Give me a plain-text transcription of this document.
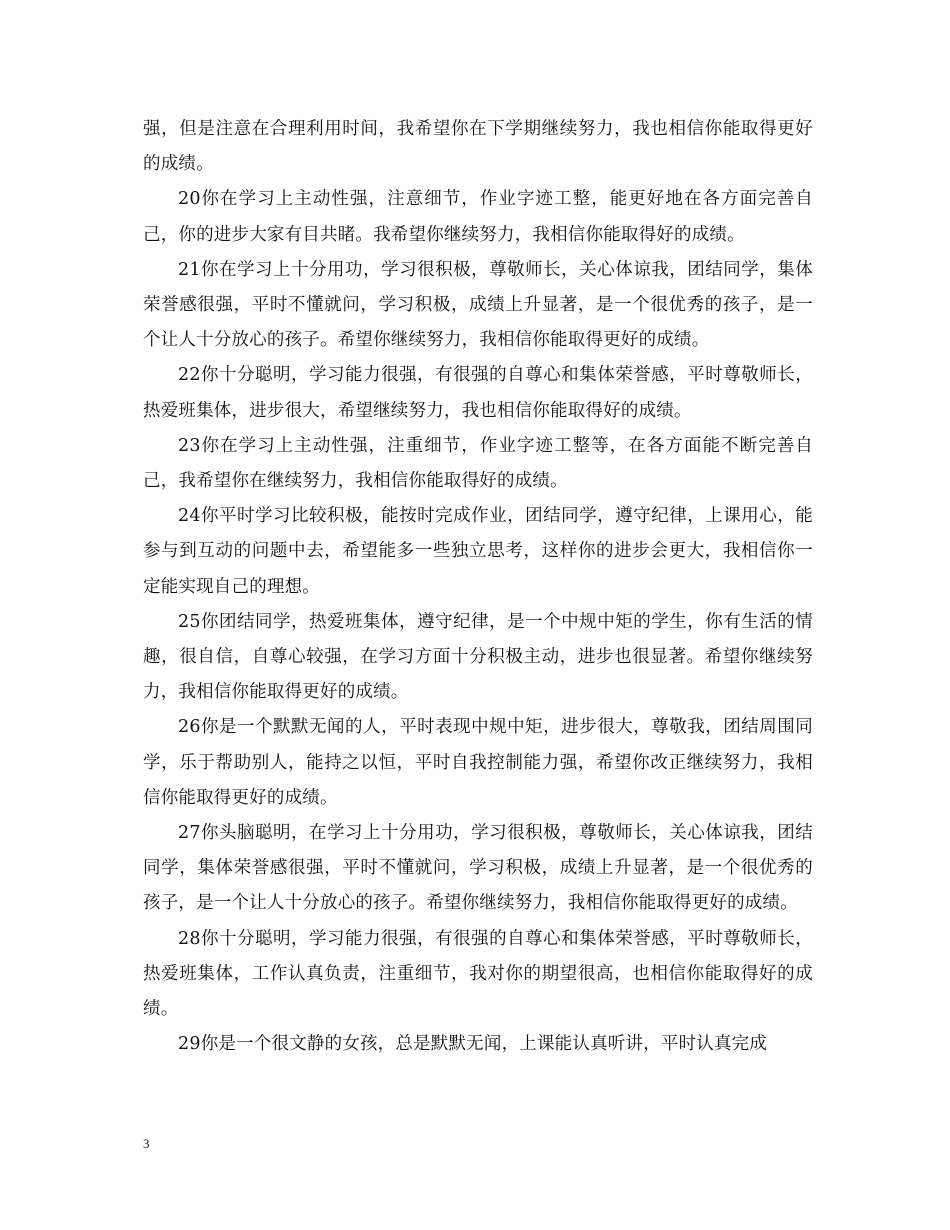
强，但是注意在合理利用时间，我希望你在下学期继续努力，我也相信你能取得更好的成绩。

20你在学习上主动性强，注意细节，作业字迹工整，能更好地在各方面完善自己，你的进步大家有目共睹。我希望你继续努力，我相信你能取得好的成绩。

21你在学习上十分用功，学习很积极，尊敬师长，关心体谅我，团结同学，集体荣誉感很强，平时不懂就问，学习积极，成绩上升显著，是一个很优秀的孩子，是一个让人十分放心的孩子。希望你继续努力，我相信你能取得更好的成绩。

22你十分聪明，学习能力很强，有很强的自尊心和集体荣誉感，平时尊敬师长，热爱班集体，进步很大，希望继续努力，我也相信你能取得好的成绩。

23你在学习上主动性强，注重细节，作业字迹工整等，在各方面能不断完善自己，我希望你在继续努力，我相信你能取得好的成绩。

24你平时学习比较积极，能按时完成作业，团结同学，遵守纪律，上课用心，能参与到互动的问题中去，希望能多一些独立思考，这样你的进步会更大，我相信你一定能实现自己的理想。

25你团结同学，热爱班集体，遵守纪律，是一个中规中矩的学生，你有生活的情趣，很自信，自尊心较强，在学习方面十分积极主动，进步也很显著。希望你继续努力，我相信你能取得更好的成绩。

26你是一个默默无闻的人，平时表现中规中矩，进步很大，尊敬我，团结周围同学，乐于帮助别人，能持之以恒，平时自我控制能力强，希望你改正继续努力，我相信你能取得更好的成绩。

27你头脑聪明，在学习上十分用功，学习很积极，尊敬师长，关心体谅我，团结同学，集体荣誉感很强，平时不懂就问，学习积极，成绩上升显著，是一个很优秀的孩子，是一个让人十分放心的孩子。希望你继续努力，我相信你能取得更好的成绩。

28你十分聪明，学习能力很强，有很强的自尊心和集体荣誉感，平时尊敬师长，热爱班集体，工作认真负责，注重细节，我对你的期望很高，也相信你能取得好的成绩。

29你是一个很文静的女孩，总是默默无闻，上课能认真听讲，平时认真完成

3
